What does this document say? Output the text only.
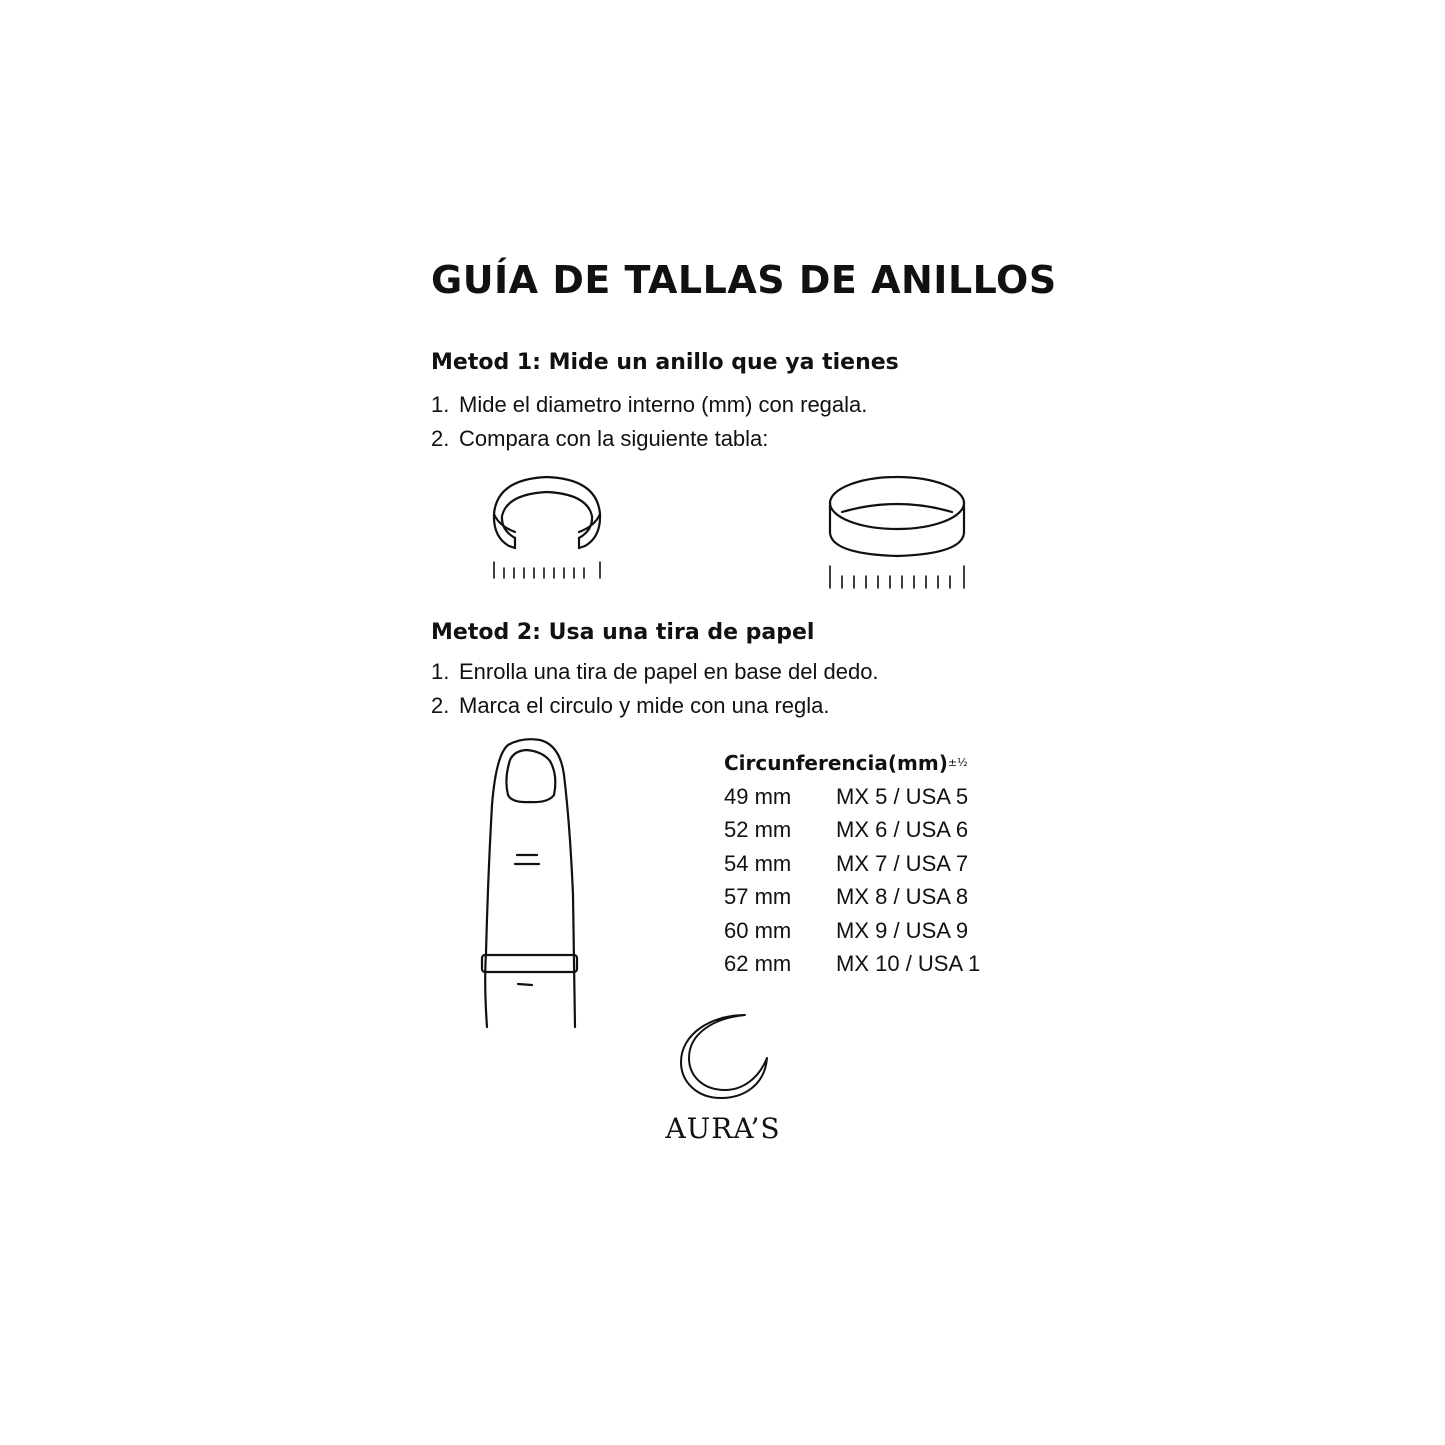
GUÍA DE TALLAS DE ANILLOS
Metod 1: Mide un anillo que ya tienes
1. Mide el diametro interno (mm) con regala.
2. Compara con la siguiente tabla:
Metod 2: Usa una tira de papel
1. Enrolla una tira de papel en base del dedo.
2. Marca el circulo y mide con una regla.
Circunferencia(mm)$^{\pm^1⁄_2}$
49 mm MX 5 / USA 5
52 mm MX 6 / USA 6
54 mm MX 7 / USA 7
57 mm MX 8 / USA 8
60 mm MX 9 / USA 9
62 mm MX 10 / USA 1
AURA’S
